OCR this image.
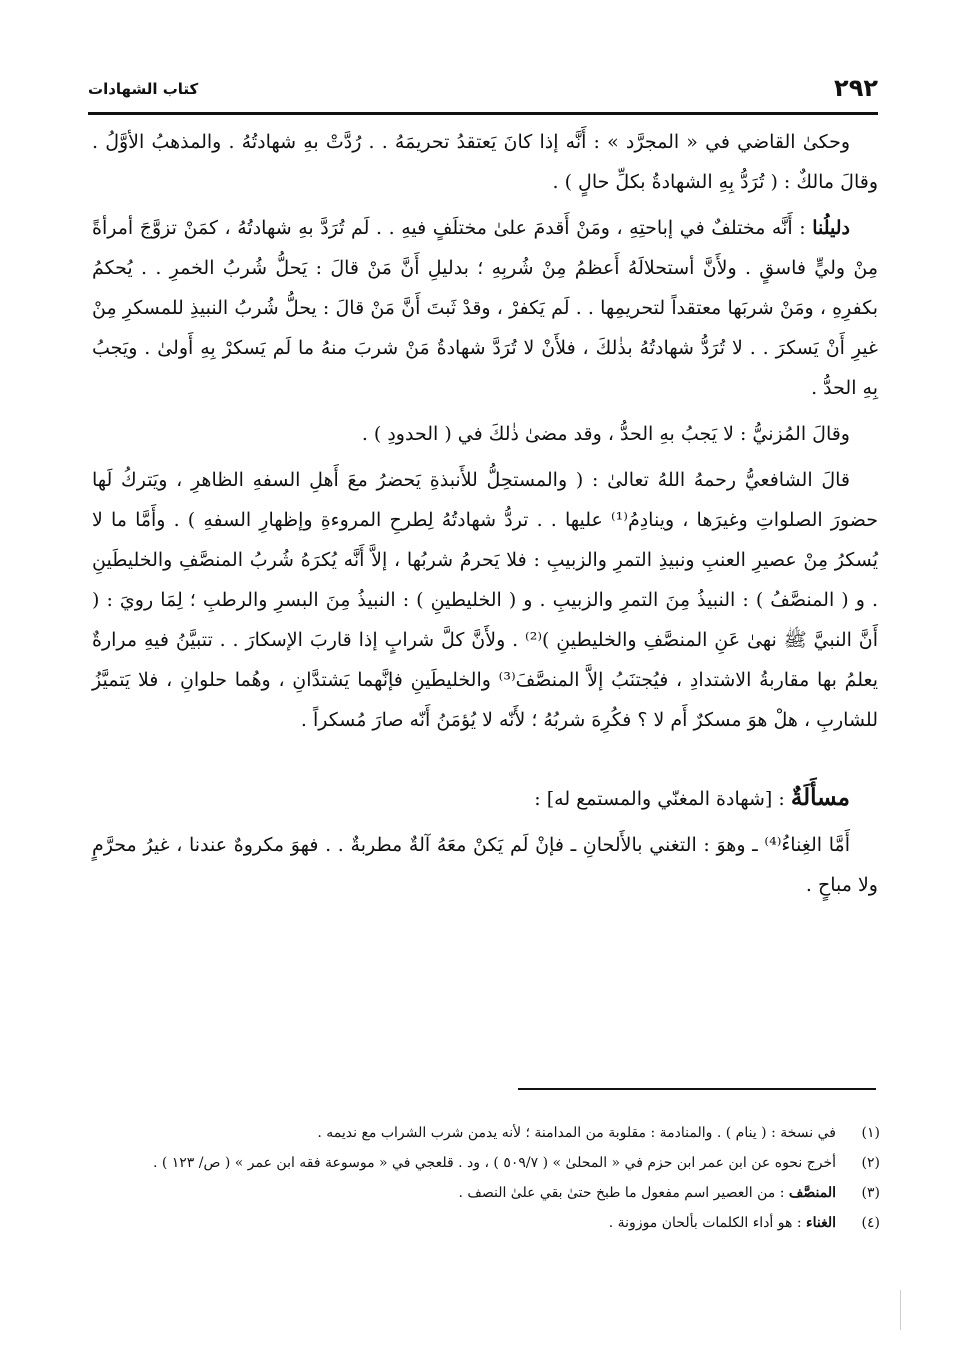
كتاب الشهادات	٢٩٢

وحكىٰ القاضي في « المجرَّد » : أَنَّه إذا كانَ يَعتقدُ تحريمَهُ . . رُدَّتْ بهِ شهادتُهُ . والمذهبُ الأوَّلُ . وقالَ مالكٌ : ( تُرَدُّ بِهِ الشهادةُ بكلِّ حالٍ ) .

دليلُنا : أَنَّه مختلفٌ في إباحتِهِ ، ومَنْ أَقدمَ علىٰ مختلَفٍ فيهِ . . لَم تُرَدَّ بهِ شهادتُهُ ، كمَنْ تزوَّجَ أمرأةً مِنْ وليٍّ فاسقٍ . ولأَنَّ أستحلالَهُ أَعظمُ مِنْ شُربِهِ ؛ بدليلِ أَنَّ مَنْ قالَ : يَحلُّ شُربُ الخمرِ . . يُحكمُ بكفرِهِ ، ومَنْ شربَها معتقداً لتحريمِها . . لَم يَكفرْ ، وقدْ ثَبتَ أَنَّ مَنْ قالَ : يحلُّ شُربُ النبيذِ للمسكرِ مِنْ غيرِ أَنْ يَسكرَ . . لا تُرَدُّ شهادتُهُ بذٰلكَ ، فلأَنْ لا تُرَدَّ شهادةُ مَنْ شربَ منهُ ما لَم يَسكرْ بِهِ أَولىٰ . ويَجبُ بِهِ الحدُّ .

وقالَ المُزنيُّ : لا يَجبُ بهِ الحدُّ ، وقد مضىٰ ذٰلكَ في ( الحدودِ ) .

قالَ الشافعيُّ رحمهُ اللهُ تعالىٰ : ( والمستحِلُّ للأَنبذةِ يَحضرُ معَ أَهلِ السفهِ الظاهرِ ، ويَتركُ لَها حضورَ الصلواتِ وغيرَها ، وينادِمُ⁽¹⁾ عليها . . تردُّ شهادتُهُ لِطرحِ المروءةِ وإظهارِ السفهِ ) . وأَمَّا ما لا يُسكرُ مِنْ عصيرِ العنبِ ونبيذِ التمرِ والزبيبِ : فلا يَحرمُ شربُها ، إلاَّ أَنَّه يُكرَهُ شُربُ المنصَّفِ والخليطَينِ . و ( المنصَّفُ ) : النبيذُ مِنَ التمرِ والزبيبِ . و ( الخليطينِ ) : النبيذُ مِنَ البسرِ والرطبِ ؛ لِمَا رويَ : ( أَنَّ النبيَّ ﷺ نهىٰ عَنِ المنصَّفِ والخليطينِ )⁽²⁾ . ولأَنَّ كلَّ شرابٍ إذا قاربَ الإسكارَ . . تتبيَّنُ فيهِ مرارةٌ يعلمُ بها مقاربةُ الاشتدادِ ، فيُجتنَبُ إلاَّ المنصَّفَ⁽³⁾ والخليطَينِ فإنَّهما يَشتدَّانِ ، وهُما حلوانِ ، فلا يَتميَّزُ للشاربِ ، هلْ هوَ مسكرٌ أَم لا ؟ فكُرِهَ شربُهُ ؛ لأَنّه لا يُؤمَنُ أَنّه صارَ مُسكراً .

مسأَلَةٌ : [شهادة المغنّي والمستمع له] :

أَمَّا الغِناءُ⁽⁴⁾ ـ وهوَ : التغني بالأَلحانِ ـ فإنْ لَم يَكنْ معَهُ آلةٌ مطربةٌ . . فهوَ مكروهٌ عندنا ، غيرُ محرَّمٍ ولا مباحٍ .

(١)
في نسخة : ( ينام ) . والمنادمة : مقلوبة من المدامنة ؛ لأنه يدمن شرب الشراب مع نديمه .
(٢)
أخرج نحوه عن ابن عمر ابن حزم في « المحلىٰ » ( ٥٠٩/٧ ) ، ود . قلعجي في « موسوعة فقه ابن عمر » ( ص/ ١٢٣ ) .
(٣)
المنصَّف : من العصير اسم مفعول ما طبخ حتىٰ بقي علىٰ النصف .
(٤)
الغناء : هو أداء الكلمات بألحان موزونة .
